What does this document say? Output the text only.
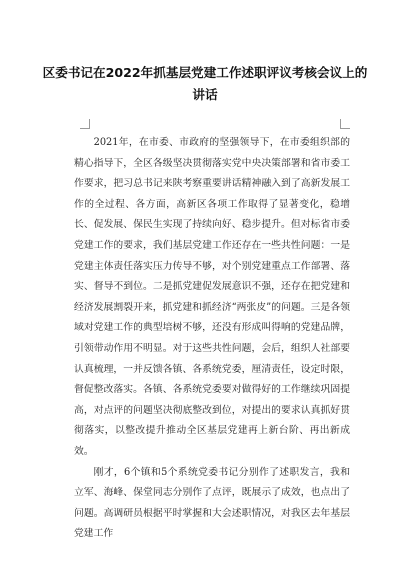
区委书记在2022年抓基层党建工作述职评议考核会议上的讲话

2021年，在市委、市政府的坚强领导下，在市委组织部的精心指导下，全区各级坚决贯彻落实党中央决策部署和省市委工作要求，把习总书记来陕考察重要讲话精神融入到了高新发展工作的全过程、各方面，高新区各项工作取得了显著变化，稳增长、促发展、保民生实现了持续向好、稳步提升。但对标省市委党建工作的要求，我们基层党建工作还存在一些共性问题：一是党建主体责任落实压力传导不够，对个别党建重点工作部署、落实、督导不到位。二是抓党建促发展意识不强，还存在把党建和经济发展割裂开来，抓党建和抓经济“两张皮”的问题。三是各领域对党建工作的典型培树不够，还没有形成叫得响的党建品牌，引领带动作用不明显。对于这些共性问题，会后，组织人社部要认真梳理，一并反馈各镇、各系统党委，厘清责任，设定时限，督促整改落实。各镇、各系统党委要对做得好的工作继续巩固提高，对点评的问题坚决彻底整改到位，对提出的要求认真抓好贯彻落实，以整改提升推动全区基层党建再上新台阶、再出新成效。

刚才，6个镇和5个系统党委书记分别作了述职发言，我和立军、海峰、保堂同志分别作了点评，既展示了成效，也点出了问题。高调研员根据平时掌握和大会述职情况，对我区去年基层党建工作
